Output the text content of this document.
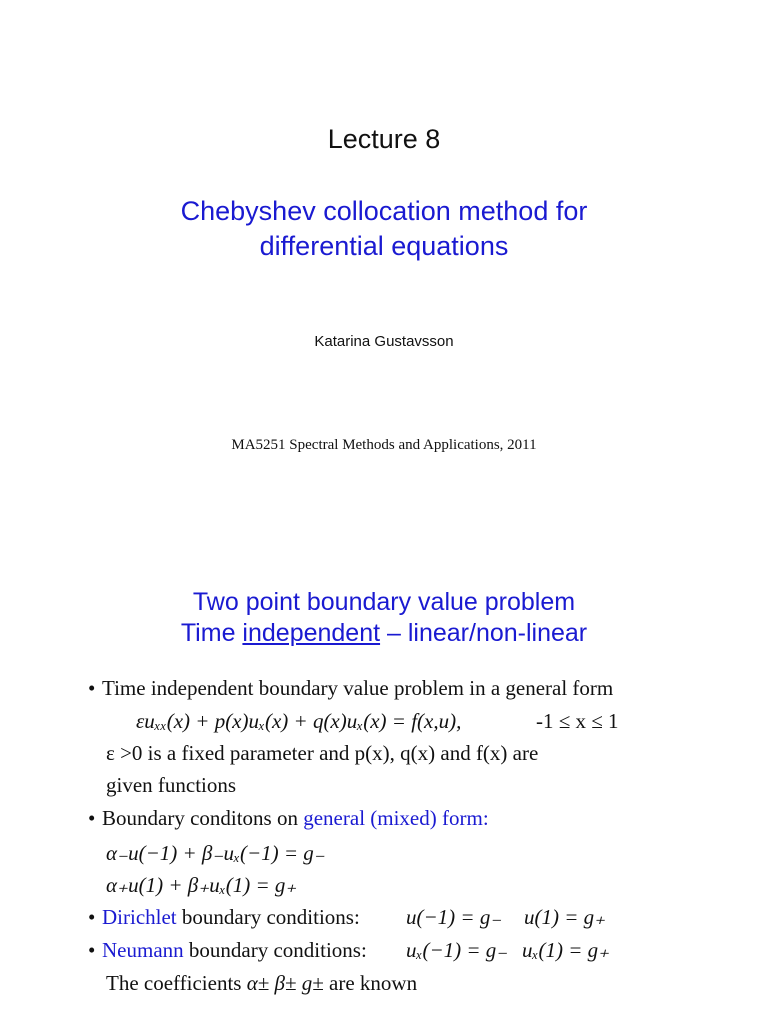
Lecture 8
Chebyshev collocation method for
differential equations
Katarina Gustavsson
MA5251 Spectral Methods and Applications, 2011
Two point boundary value problem
Time independent – linear/non-linear
• Time independent boundary value problem in a general form
εuₓₓ(x) + p(x)uₓ(x) + q(x)uₓ(x) = f(x,u),	-1 ≤ x ≤ 1
ε >0 is a fixed parameter and p(x), q(x) and f(x) are
given functions
• Boundary conditons on general (mixed) form:
α₋u(−1) + β₋uₓ(−1) = g₋
α₊u(1) + β₊uₓ(1) = g₊
• Dirichlet boundary conditions: u(−1) = g₋ u(1) = g₊
• Neumann boundary conditions: uₓ(−1) = g₋ uₓ(1) = g₊
The coefficients α± β± g± are known
